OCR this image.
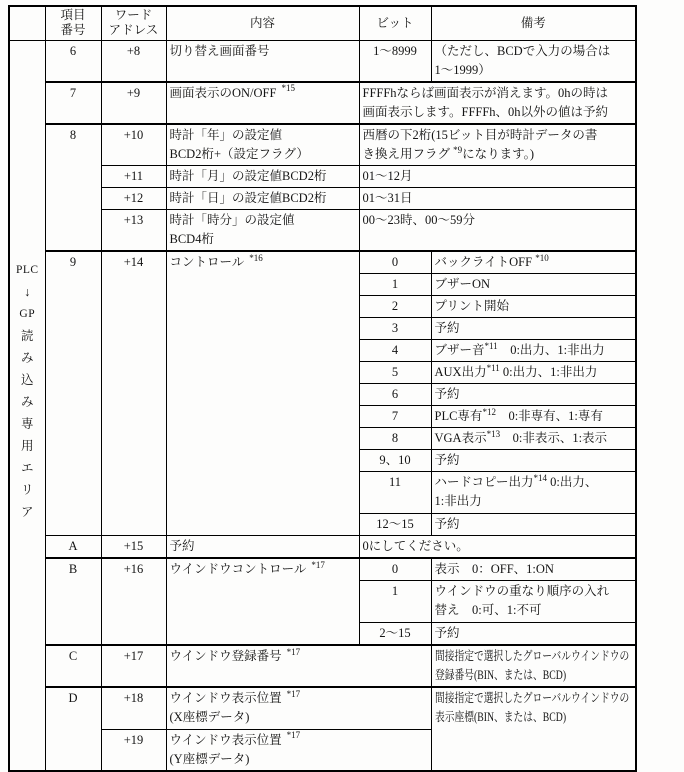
	項目
番号	ワード
アドレス	内容	ビット	備考

PLC
↓
GP
読
み
込
み
専
用
エ
リ
ア
	6	+8	切り替え画面番号	1～8999	（ただし、BCDで入力の場合は
1～1999）
	7	+9	画面表示のON/OFF $^{*15}$	FFFFhならば画面表示が消えます。0hの時は
画面表示します。FFFFh、0h以外の値は予約	
	8	+10	時計「年」の設定値
BCD2桁+（設定フラグ）	西暦の下2桁(15ビット目が時計データの書
き換え用フラグ $^{*9}$になります。)	
		+11	時計「月」の設定値BCD2桁	01～12月	
		+12	時計「日」の設定値BCD2桁	01～31日	
		+13	時計「時分」の設定値
BCD4桁	00～23時、00～59分	
	9	+14	コントロール $^{*16}$	0	バックライトOFF $^{*10}$
				1	ブザーON
				2	プリント開始
				3	予約
				4	ブザー音$^{*11}$　0:出力、1:非出力
				5	AUX出力$^{*11}$ 0:出力、1:非出力
				6	予約
				7	PLC専有$^{*12}$　0:非専有、1:専有
				8	VGA表示$^{*13}$　0:非表示、1:表示
				9、10	予約
				11	ハードコピー出力$^{*14}$ 0:出力、
1:非出力
				12～15	予約
	A	+15	予約	0にしてください。	
	B	+16	ウインドウコントロール $^{*17}$	0	表示　0：OFF、1:ON
				1	ウインドウの重なり順序の入れ
替え　0:可、1:不可
				2～15	予約
	C	+17	ウインドウ登録番号 $^{*17}$		間接指定で選択したグローバルウインドウの
登録番号(BIN、または、BCD)
	D	+18	ウインドウ表示位置 $^{*17}$
(X座標データ)		間接指定で選択したグローバルウインドウの
表示座標(BIN、または、BCD)
		+19	ウインドウ表示位置 $^{*17}$
(Y座標データ)		
